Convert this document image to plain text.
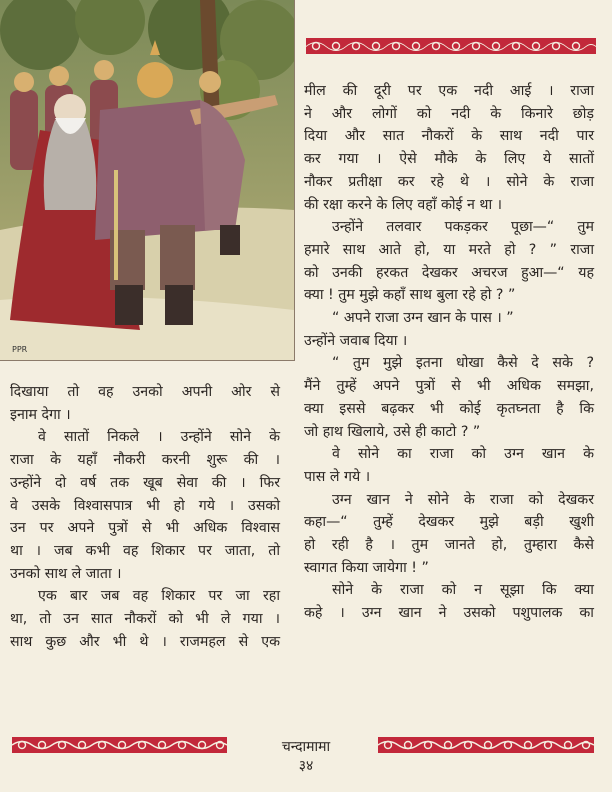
PPR

दिखाया तो वह उनको अपनी ओर से

इनाम देगा ।

वे सातों निकले । उन्होंने सोने के

राजा के यहाँ नौकरी करनी शुरू की ।

उन्होंने दो वर्ष तक खूब सेवा की । फिर

वे उसके विश्वासपात्र भी हो गये । उसको

उन पर अपने पुत्रों से भी अधिक विश्वास

था । जब कभी वह शिकार पर जाता, तो

उनको साथ ले जाता ।

एक बार जब वह शिकार पर जा रहा

था, तो उन सात नौकरों को भी ले गया ।

साथ कुछ और भी थे । राजमहल से एक

मील की दूरी पर एक नदी आई । राजा

ने और लोगों को नदी के किनारे छोड़

दिया और सात नौकरों के साथ नदी पार

कर गया । ऐसे मौके के लिए ये सातों

नौकर प्रतीक्षा कर रहे थे । सोने के राजा

की रक्षा करने के लिए वहाँ कोई न था ।

उन्होंने तलवार पकड़कर पूछा—“ तुम

हमारे साथ आते हो, या मरते हो ? ” राजा

को उनकी हरकत देखकर अचरज हुआ—“ यह

क्या ! तुम मुझे कहाँ साथ बुला रहे हो ? ”

“ अपने राजा उग्न खान के पास । ”

उन्होंने जवाब दिया ।

“ तुम मुझे इतना धोखा कैसे दे सके ?

मैंने तुम्हें अपने पुत्रों से भी अधिक समझा,

क्या इससे बढ़कर भी कोई कृतघ्नता है कि

जो हाथ खिलाये, उसे ही काटो ? ”

वे सोने का राजा को उग्न खान के

पास ले गये ।

उग्न खान ने सोने के राजा को देखकर

कहा—“ तुम्हें देखकर मुझे बड़ी खुशी

हो रही है । तुम जानते हो, तुम्हारा कैसे

स्वागत किया जायेगा ! ”

सोने के राजा को न सूझा कि क्या

कहे । उग्न खान ने उसको पशुपालक का

चन्दामामा
३४
